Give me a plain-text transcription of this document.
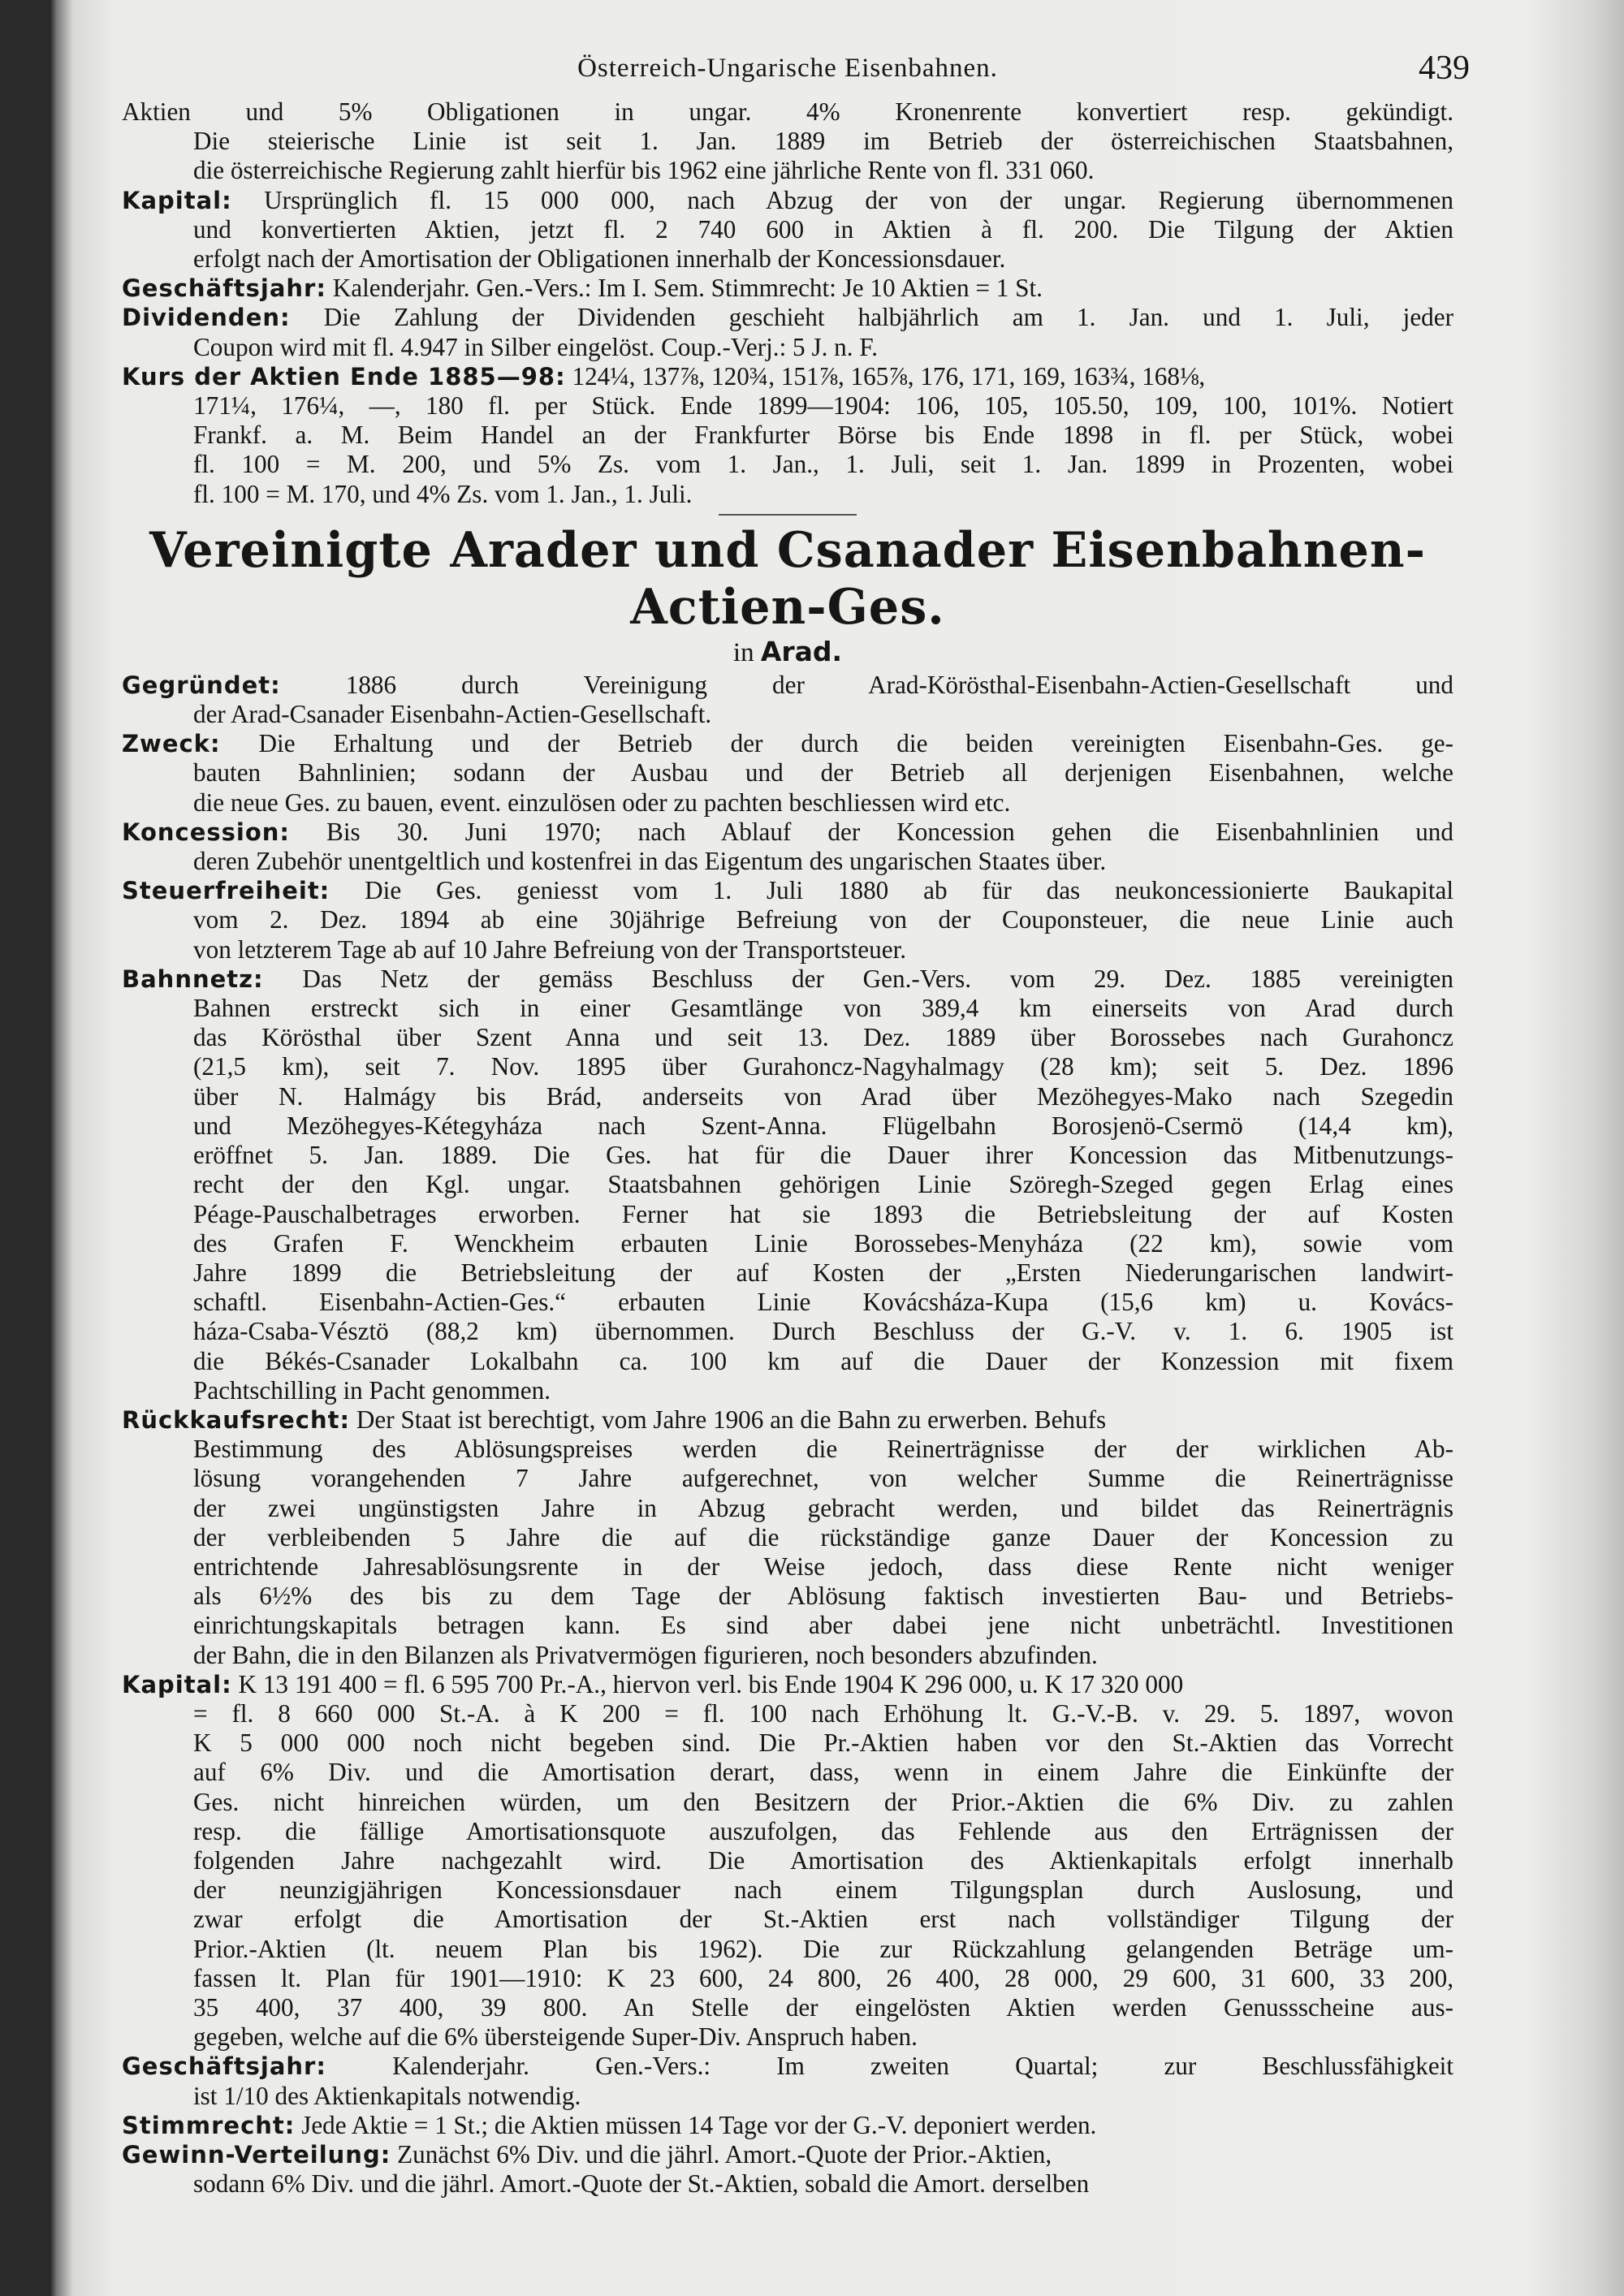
Österreich-Ungarische Eisenbahnen.	439
Aktien und 5% Obligationen in ungar. 4% Kronenrente konvertiert resp. gekündigt.
Die steierische Linie ist seit 1. Jan. 1889 im Betrieb der österreichischen Staatsbahnen,
die österreichische Regierung zahlt hierfür bis 1962 eine jährliche Rente von fl. 331 060.
Kapital: Ursprünglich fl. 15 000 000, nach Abzug der von der ungar. Regierung übernommenen
und konvertierten Aktien, jetzt fl. 2 740 600 in Aktien à fl. 200. Die Tilgung der Aktien
erfolgt nach der Amortisation der Obligationen innerhalb der Koncessionsdauer.
Geschäftsjahr: Kalenderjahr. Gen.-Vers.: Im I. Sem. Stimmrecht: Je 10 Aktien = 1 St.
Dividenden: Die Zahlung der Dividenden geschieht halbjährlich am 1. Jan. und 1. Juli, jeder
Coupon wird mit fl. 4.947 in Silber eingelöst. Coup.-Verj.: 5 J. n. F.
Kurs der Aktien Ende 1885—98: 124¼, 137⅞, 120¾, 151⅞, 165⅞, 176, 171, 169, 163¾, 168⅛,
171¼, 176¼, —, 180 fl. per Stück. Ende 1899—1904: 106, 105, 105.50, 109, 100, 101%. Notiert
Frankf. a. M. Beim Handel an der Frankfurter Börse bis Ende 1898 in fl. per Stück, wobei
fl. 100 = M. 200, und 5% Zs. vom 1. Jan., 1. Juli, seit 1. Jan. 1899 in Prozenten, wobei
fl. 100 = M. 170, und 4% Zs. vom 1. Jan., 1. Juli.
Vereinigte Arader und Csanader Eisenbahnen-Actien-Ges.
in Arad.
Gegründet:	1886 durch Vereinigung der Arad-Körösthal-Eisenbahn-Actien-Gesellschaft und
der Arad-Csanader Eisenbahn-Actien-Gesellschaft.
Zweck: Die Erhaltung und der Betrieb der durch die beiden vereinigten Eisenbahn-Ges. ge-
bauten Bahnlinien; sodann der Ausbau und der Betrieb all derjenigen Eisenbahnen, welche
die neue Ges. zu bauen, event. einzulösen oder zu pachten beschliessen wird etc.
Koncession: Bis 30. Juni 1970; nach Ablauf der Koncession gehen die Eisenbahnlinien und
deren Zubehör unentgeltlich und kostenfrei in das Eigentum des ungarischen Staates über.
Steuerfreiheit: Die Ges. geniesst vom 1. Juli 1880 ab für das neukoncessionierte Baukapital
vom 2. Dez. 1894 ab eine 30jährige Befreiung von der Couponsteuer, die neue Linie auch
von letzterem Tage ab auf 10 Jahre Befreiung von der Transportsteuer.
Bahnnetz: Das Netz der gemäss Beschluss der Gen.-Vers. vom 29. Dez. 1885 vereinigten
Bahnen erstreckt sich in einer Gesamtlänge von 389,4 km einerseits von Arad durch
das Körösthal über Szent Anna und seit 13. Dez. 1889 über Borossebes nach Gurahoncz
(21,5 km), seit 7. Nov. 1895 über Gurahoncz-Nagyhalmagy (28 km); seit 5. Dez. 1896
über N. Halmágy bis Brád, anderseits von Arad über Mezöhegyes-Mako nach Szegedin
und Mezöhegyes-Kétegyháza nach Szent-Anna. Flügelbahn Borosjenö-Csermö (14,4 km),
eröffnet 5. Jan. 1889. Die Ges. hat für die Dauer ihrer Koncession das Mitbenutzungs-
recht der den Kgl. ungar. Staatsbahnen gehörigen Linie Szöregh-Szeged gegen Erlag eines
Péage-Pauschalbetrages erworben. Ferner hat sie 1893 die Betriebsleitung der auf Kosten
des Grafen F. Wenckheim erbauten Linie Borossebes-Menyháza (22 km), sowie vom
Jahre 1899 die Betriebsleitung der auf Kosten der „Ersten Niederungarischen landwirt-
schaftl. Eisenbahn-Actien-Ges.“ erbauten Linie Kovácsháza-Kupa (15,6 km) u. Kovács-
háza-Csaba-Vésztö (88,2 km) übernommen. Durch Beschluss der G.-V. v. 1. 6. 1905 ist
die Békés-Csanader Lokalbahn ca. 100 km auf die Dauer der Konzession mit fixem
Pachtschilling in Pacht genommen.
Rückkaufsrecht: Der Staat ist berechtigt, vom Jahre 1906 an die Bahn zu erwerben. Behufs
Bestimmung des Ablösungspreises werden die Reinerträgnisse der der wirklichen Ab-
lösung vorangehenden 7 Jahre aufgerechnet, von welcher Summe die Reinerträgnisse
der zwei ungünstigsten Jahre in Abzug gebracht werden, und bildet das Reinerträgnis
der verbleibenden 5 Jahre die auf die rückständige ganze Dauer der Koncession zu
entrichtende Jahresablösungsrente in der Weise jedoch, dass diese Rente nicht weniger
als 6½% des bis zu dem Tage der Ablösung faktisch investierten Bau- und Betriebs-
einrichtungskapitals betragen kann. Es sind aber dabei jene nicht unbeträchtl. Investitionen
der Bahn, die in den Bilanzen als Privatvermögen figurieren, noch besonders abzufinden.
Kapital: K 13 191 400 = fl. 6 595 700 Pr.-A., hiervon verl. bis Ende 1904 K 296 000, u. K 17 320 000
= fl. 8 660 000 St.-A. à K 200 = fl. 100 nach Erhöhung lt. G.-V.-B. v. 29. 5. 1897, wovon
K 5 000 000 noch nicht begeben sind. Die Pr.-Aktien haben vor den St.-Aktien das Vorrecht
auf 6% Div. und die Amortisation derart, dass, wenn in einem Jahre die Einkünfte der
Ges. nicht hinreichen würden, um den Besitzern der Prior.-Aktien die 6% Div. zu zahlen
resp. die fällige Amortisationsquote auszufolgen, das Fehlende aus den Erträgnissen der
folgenden Jahre nachgezahlt wird. Die Amortisation des Aktienkapitals erfolgt innerhalb
der neunzigjährigen Koncessionsdauer nach einem Tilgungsplan durch Auslosung, und
zwar erfolgt die Amortisation der St.-Aktien erst nach vollständiger Tilgung der
Prior.-Aktien (lt. neuem Plan bis 1962). Die zur Rückzahlung gelangenden Beträge um-
fassen lt. Plan für 1901—1910: K 23 600, 24 800, 26 400, 28 000, 29 600, 31 600, 33 200,
35 400, 37 400, 39 800. An Stelle der eingelösten Aktien werden Genussscheine aus-
gegeben, welche auf die 6% übersteigende Super-Div. Anspruch haben.
Geschäftsjahr:	Kalenderjahr. Gen.-Vers.: Im zweiten Quartal; zur Beschlussfähigkeit
ist 1/10 des Aktienkapitals notwendig.
Stimmrecht: Jede Aktie = 1 St.; die Aktien müssen 14 Tage vor der G.-V. deponiert werden.
Gewinn-Verteilung: Zunächst 6% Div. und die jährl. Amort.-Quote der Prior.-Aktien,
sodann 6% Div. und die jährl. Amort.-Quote der St.-Aktien, sobald die Amort. derselben
